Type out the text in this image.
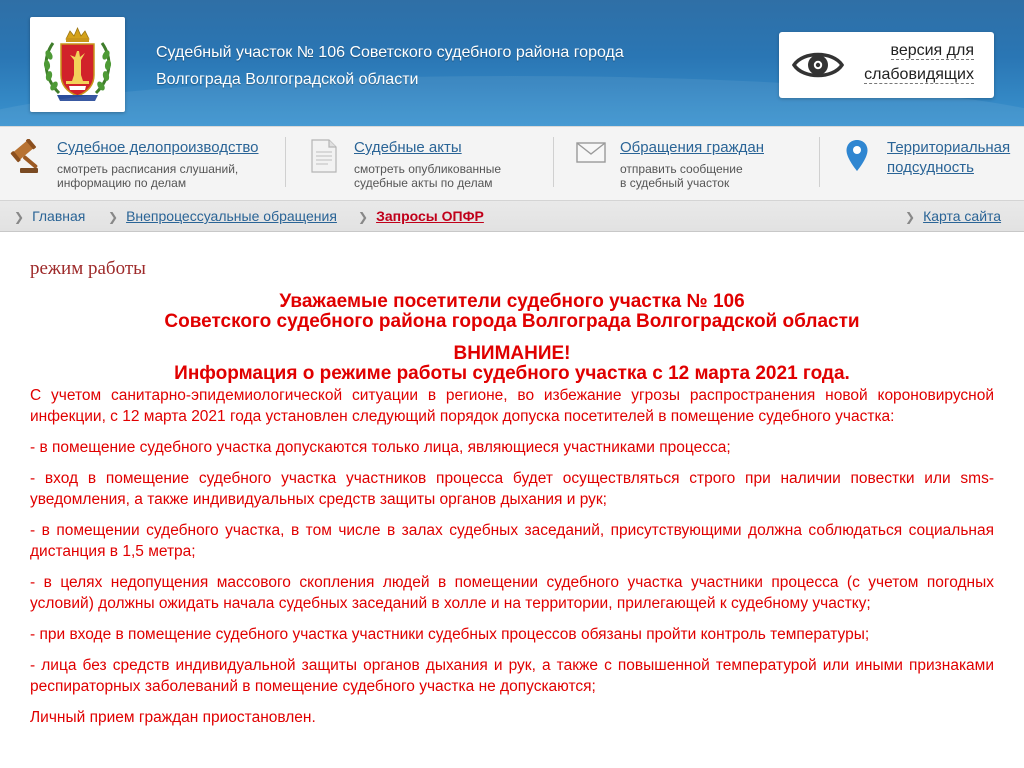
Судебный участок № 106 Советского судебного района города
Волгограда Волгоградской области
версия для
слабовидящих
Судебное делопроизводство
смотреть расписания слушаний,
информацию по делам
Судебные акты
смотреть опубликованные
судебные акты по делам
Обращения граждан
отправить сообщение
в судебный участок
Территориальная
подсудность
❯ Главная ❯ Внепроцессуальные обращения ❯ Запросы ОПФР	❯ Карта сайта
режим работы
Уважаемые посетители судебного участка № 106
Советского судебного района города Волгограда Волгоградской области
ВНИМАНИЕ!
Информация о режиме работы судебного участка с 12 марта 2021 года.

С учетом санитарно-эпидемиологической ситуации в регионе, во избежание угрозы распространения новой короновирусной инфекции, с 12 марта 2021 года установлен следующий порядок допуска посетителей в помещение судебного участка:

- в помещение судебного участка допускаются только лица, являющиеся участниками процесса;

- вход в помещение судебного участка участников процесса будет осуществляться строго при наличии повестки или sms-уведомления, а также индивидуальных средств защиты органов дыхания и рук;

- в помещении судебного участка, в том числе в залах судебных заседаний, присутствующими должна соблюдаться социальная дистанция в 1,5 метра;

- в целях недопущения массового скопления людей в помещении судебного участка участники процесса (с учетом погодных условий) должны ожидать начала судебных заседаний в холле и на территории, прилегающей к судебному участку;

- при входе в помещение судебного участка участники судебных процессов обязаны пройти контроль температуры;

- лица без средств индивидуальной защиты органов дыхания и рук, а также с повышенной температурой или иными признаками респираторных заболеваний в помещение судебного участка не допускаются;

Личный прием граждан приостановлен.
